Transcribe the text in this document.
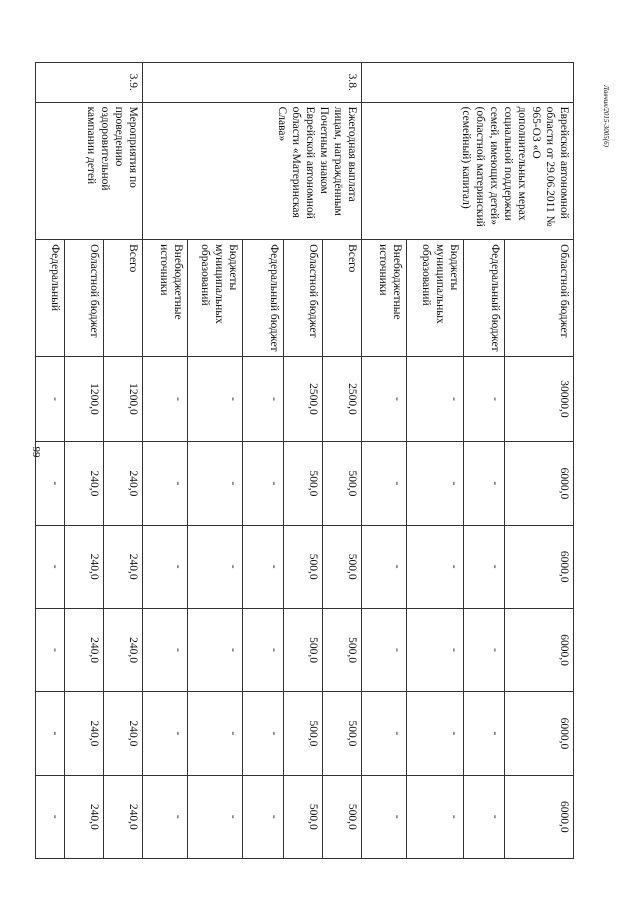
99
Лавчик/2015-3005(6)
	Еврейской автономной области от 29.06.2011 № 965-ОЗ «О дополнительных мерах социальной поддержки семей, имеющих детей» (областной материнский (семейный) капитал)	Областной бюджет	30000,0	6000,0	6000,0	6000,0	6000,0	6000,0
		Федеральный бюджет	-	-	-	-	-	-
		Бюджеты муниципальных образований	-	-	-	-	-	-
		Внебюджетные источники	-	-	-	-	-	-
3.8.	Ежегодная выплата лицам, награждённым Почетным знаком Еврейской автономной области «Материнская Слава»	Всего	2500,0	500,0	500,0	500,0	500,0	500,0
		Областной бюджет	2500,0	500,0	500,0	500,0	500,0	500,0
		Федеральный бюджет	-	-	-	-	-	-
		Бюджеты муниципальных образований	-	-	-	-	-	-
		Внебюджетные источники	-	-	-	-	-	-
3.9.	Мероприятия по проведению оздоровительной кампании детей	Всего	1200,0	240,0	240,0	240,0	240,0	240,0
		Областной бюджет	1200,0	240,0	240,0	240,0	240,0	240,0
		Федеральный	-	-	-	-	-	-
